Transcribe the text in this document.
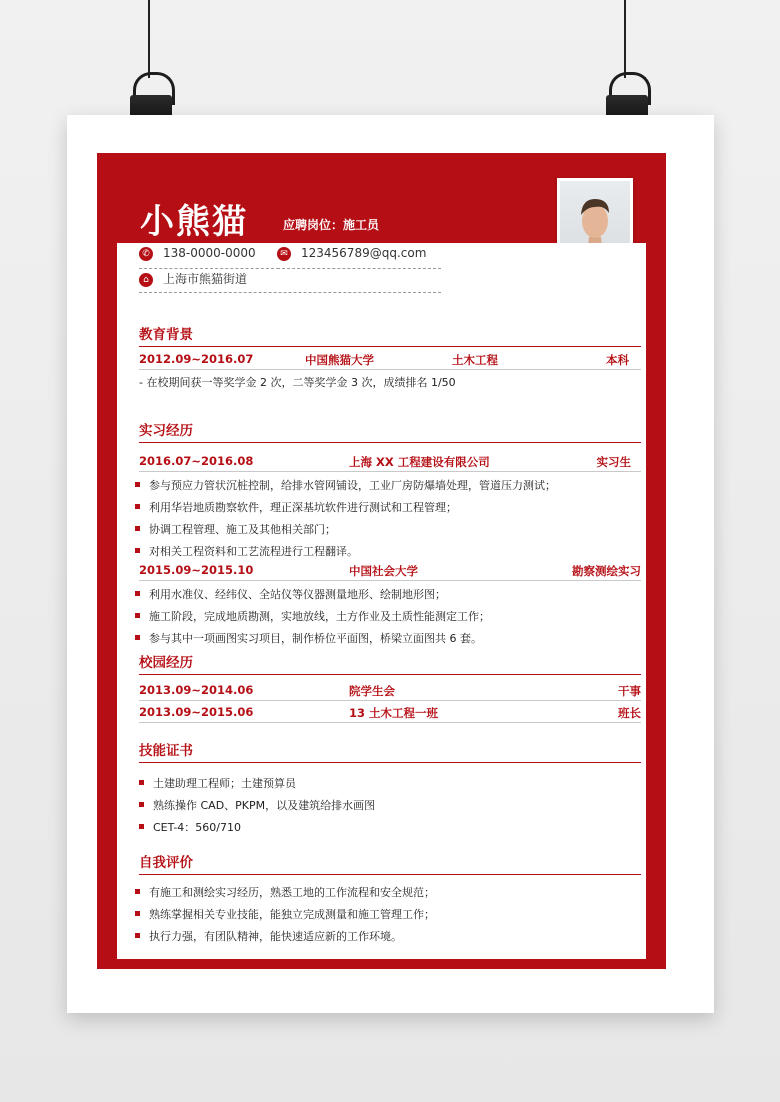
小熊猫	应聘岗位：施工员
✆138-0000-0000
✉	123456789@qq.com
⌂上海市熊猫街道
教育背景
2012.09~2016.07	中国熊猫大学	土木工程	本科
- 在校期间获一等奖学金 2 次，二等奖学金 3 次，成绩排名 1/50
实习经历
2016.07~2016.08	上海 XX 工程建设有限公司	实习生
参与预应力管状沉桩控制，给排水管网铺设，工业厂房防爆墙处理，管道压力测试；
利用华岩地质勘察软件，理正深基坑软件进行测试和工程管理；
协调工程管理、施工及其他相关部门；
对相关工程资料和工艺流程进行工程翻译。
2015.09~2015.10	中国社会大学	勘察测绘实习
利用水准仪、经纬仪、全站仪等仪器测量地形、绘制地形图；
施工阶段，完成地质勘测，实地放线，土方作业及土质性能测定工作；
参与其中一项画图实习项目，制作桥位平面图，桥梁立面图共 6 套。
校园经历
2013.09~2014.06	院学生会	干事
2013.09~2015.06	13 土木工程一班	班长
技能证书
土建助理工程师；土建预算员
熟练操作 CAD、PKPM，以及建筑给排水画图
CET-4：560/710
自我评价
有施工和测绘实习经历，熟悉工地的工作流程和安全规范；
熟练掌握相关专业技能，能独立完成测量和施工管理工作；
执行力强，有团队精神，能快速适应新的工作环境。
